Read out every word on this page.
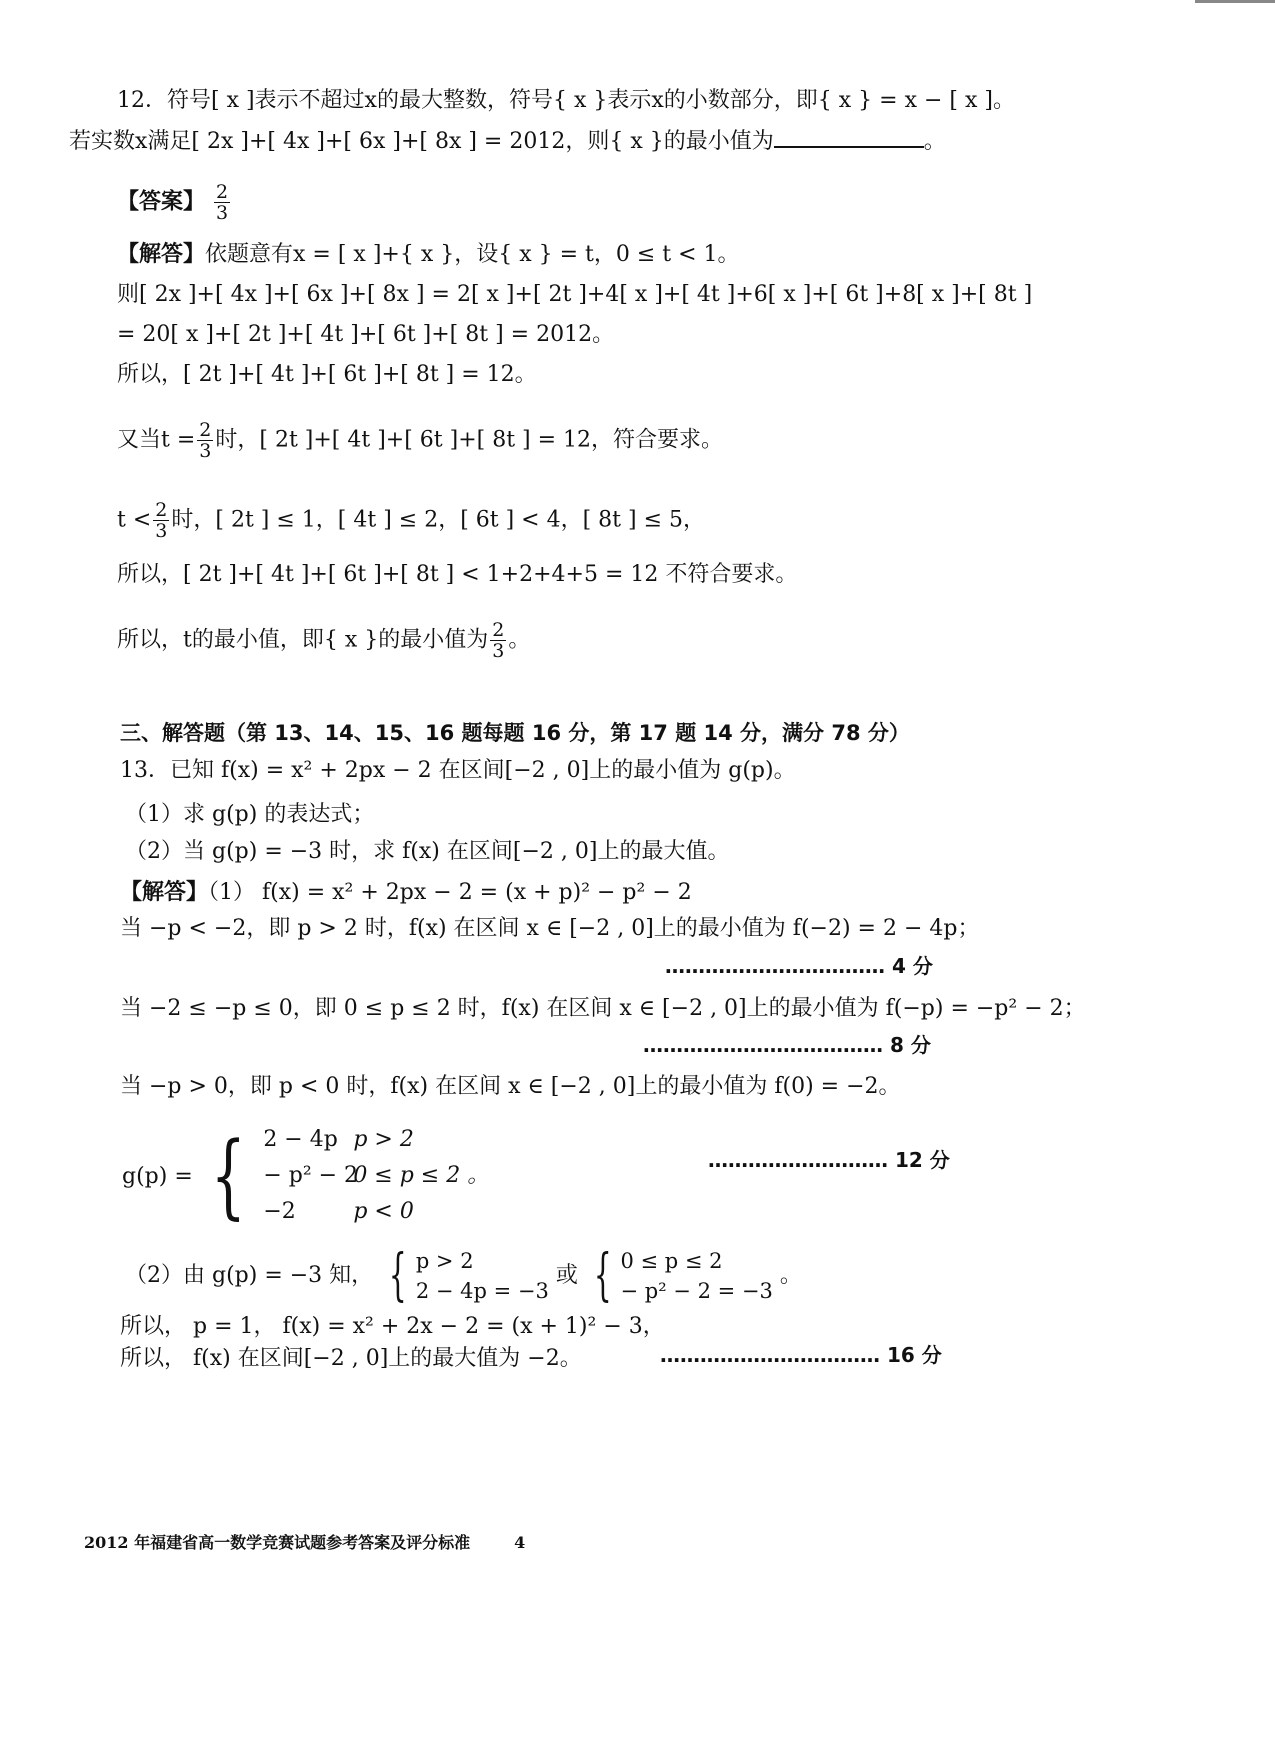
12．符号[ x ]表示不超过x的最大整数，符号{ x }表示x的小数部分，即{ x } = x − [ x ]。
若实数x满足[ 2x ]+[ 4x ]+[ 6x ]+[ 8x ] = 2012，则{ x }的最小值为	。
【答案】 $\frac{2}{3}$
【解答】依题意有x = [ x ]+{ x }，设{ x } = t，0 ≤ t < 1。
则[ 2x ]+[ 4x ]+[ 6x ]+[ 8x ] = 2[ x ]+[ 2t ]+4[ x ]+[ 4t ]+6[ x ]+[ 6t ]+8[ x ]+[ 8t ]
= 20[ x ]+[ 2t ]+[ 4t ]+[ 6t ]+[ 8t ] = 2012。
所以，[ 2t ]+[ 4t ]+[ 6t ]+[ 8t ] = 12。
又当$t = \frac{2}{3}$ 时，[ 2t ]+[ 4t ]+[ 6t ]+[ 8t ] = 12，符合要求。
$t < \frac{2}{3}$ 时，[ 2t ] ≤ 1，[ 4t ] ≤ 2，[ 6t ] < 4，[ 8t ] ≤ 5，
所以，[ 2t ]+[ 4t ]+[ 6t ]+[ 8t ] < 1+2+4+5 = 12 不符合要求。
所以，t的最小值，即{ x }的最小值为 $\frac{2}{3}$ 。
三、解答题（第 13、14、15、16 题每题 16 分，第 17 题 14 分，满分 78 分）
13．已知 f(x) = x² + 2px − 2 在区间[−2 , 0]上的最小值为 g(p)。
（1）求 g(p) 的表达式；
（2）当 g(p) = −3 时，求 f(x) 在区间[−2 , 0]上的最大值。
【解答】（1） f(x) = x² + 2px − 2 = (x + p)² − p² − 2
当 −p < −2，即 p > 2 时，f(x) 在区间 x ∈ [−2 , 0]上的最小值为 f(−2) = 2 − 4p；
…………………………… 4 分
当 −2 ≤ −p ≤ 0，即 0 ≤ p ≤ 2 时，f(x) 在区间 x ∈ [−2 , 0]上的最小值为 f(−p) = −p² − 2；
……………………………… 8 分
当 −p > 0，即 p < 0 时，f(x) 在区间 x ∈ [−2 , 0]上的最小值为 f(0) = −2。
g(p) = { 2 − 4p p > 2
− p² − 20 ≤ p ≤ 2 。
−2	p < 0
……………………… 12 分
（2）由 g(p) = −3 知， { p > 2
2 − 4p = −3
或 { 0 ≤ p ≤ 2
− p² − 2 = −3
。
所以， p = 1， f(x) = x² + 2x − 2 = (x + 1)² − 3，
所以， f(x) 在区间[−2 , 0]上的最大值为 −2。	…………………………… 16 分
2012 年福建省高一数学竞赛试题参考答案及评分标准	4
